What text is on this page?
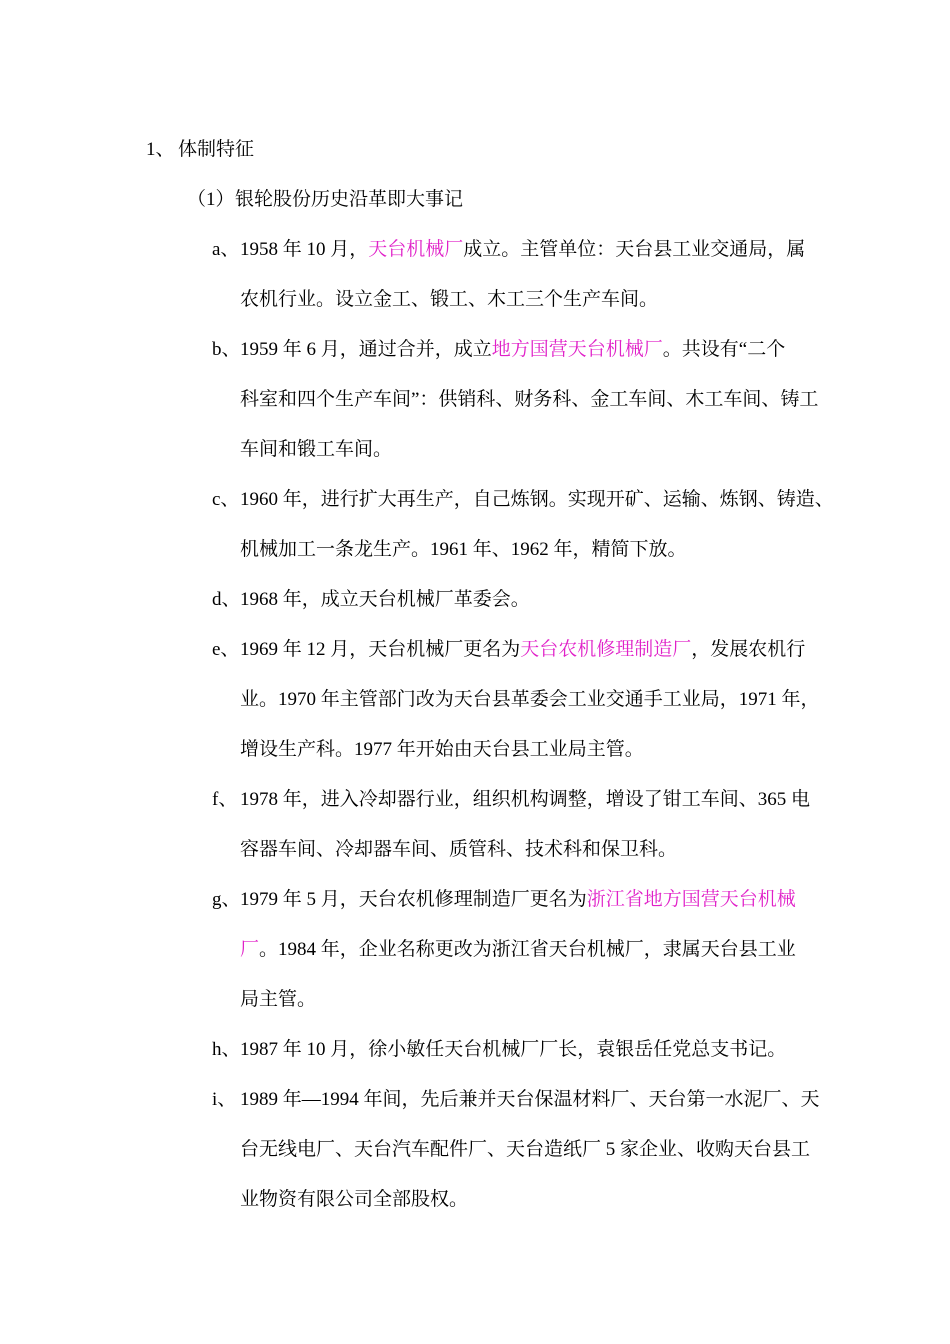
1、 体制特征
（1）银轮股份历史沿革即大事记
a、 1958 年 10 月，天台机械厂成立。主管单位：天台县工业交通局，属
农机行业。设立金工、锻工、木工三个生产车间。
b、 1959 年 6 月，通过合并，成立地方国营天台机械厂。共设有“二个
科室和四个生产车间”：供销科、财务科、金工车间、木工车间、铸工
车间和锻工车间。
c、 1960 年，进行扩大再生产，自己炼钢。实现开矿、运输、炼钢、铸造、
机械加工一条龙生产。1961 年、1962 年，精简下放。
d、 1968 年，成立天台机械厂革委会。
e、 1969 年 12 月，天台机械厂更名为天台农机修理制造厂，发展农机行
业。1970 年主管部门改为天台县革委会工业交通手工业局，1971 年，
增设生产科。1977 年开始由天台县工业局主管。
f、 1978 年，进入冷却器行业，组织机构调整，增设了钳工车间、365 电
容器车间、冷却器车间、质管科、技术科和保卫科。
g、 1979 年 5 月，天台农机修理制造厂更名为浙江省地方国营天台机械
厂。1984 年，企业名称更改为浙江省天台机械厂，隶属天台县工业
局主管。
h、 1987 年 10 月，徐小敏任天台机械厂厂长，袁银岳任党总支书记。
i、 1989 年—1994 年间，先后兼并天台保温材料厂、天台第一水泥厂、天
台无线电厂、天台汽车配件厂、天台造纸厂 5 家企业、收购天台县工
业物资有限公司全部股权。
